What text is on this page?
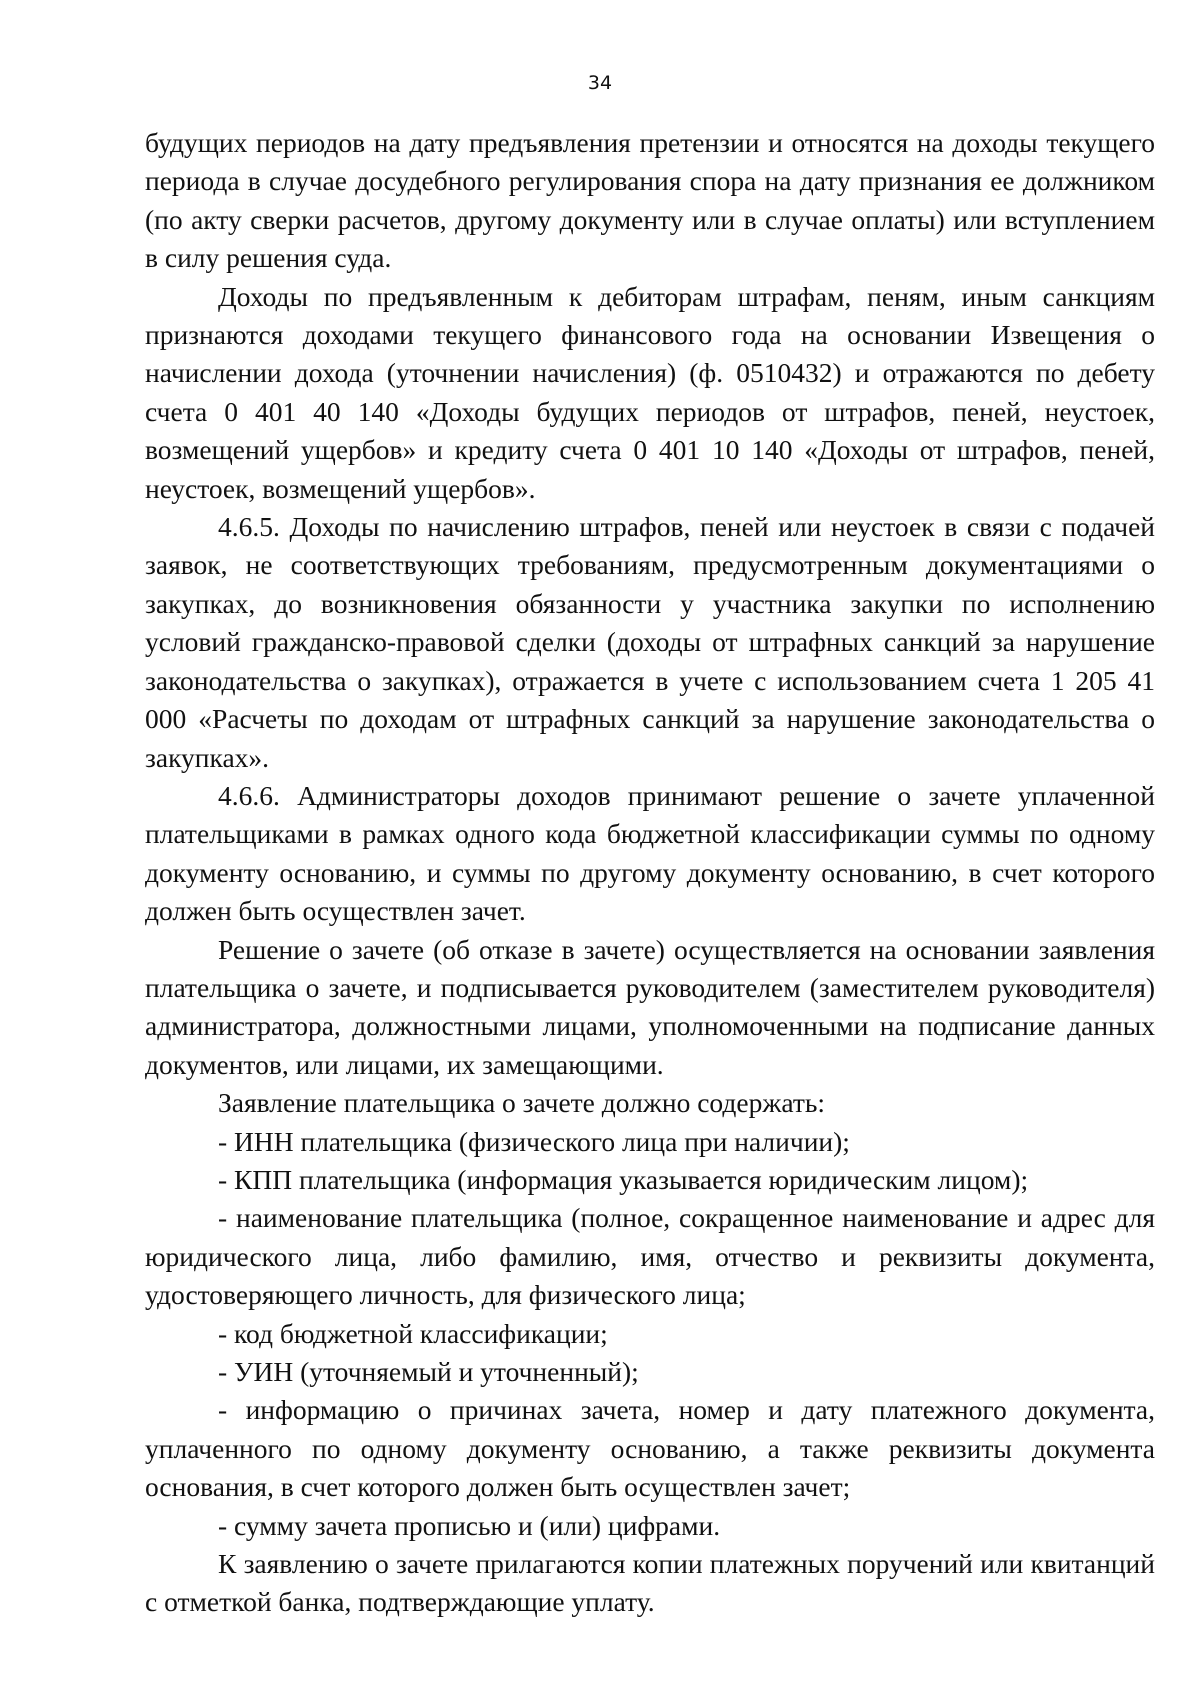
34

будущих периодов на дату предъявления претензии и относятся на доходы текущего периода в случае досудебного регулирования спора на дату признания ее должником (по акту сверки расчетов, другому документу или в случае оплаты) или вступлением в силу решения суда.

Доходы по предъявленным к дебиторам штрафам, пеням, иным санкциям признаются доходами текущего финансового года на основании Извещения о начислении дохода (уточнении начисления) (ф. 0510432) и отражаются по дебету счета 0 401 40 140 «Доходы будущих периодов от штрафов, пеней, неустоек, возмещений ущербов» и кредиту счета 0 401 10 140 «Доходы от штрафов, пеней, неустоек, возмещений ущербов».

4.6.5. Доходы по начислению штрафов, пеней или неустоек в связи с подачей заявок, не соответствующих требованиям, предусмотренным документациями о закупках, до возникновения обязанности у участника закупки по исполнению условий гражданско-правовой сделки (доходы от штрафных санкций за нарушение законодательства о закупках), отражается в учете с использованием счета 1 205 41 000 «Расчеты по доходам от штрафных санкций за нарушение законодательства о закупках».

4.6.6. Администраторы доходов принимают решение о зачете уплаченной плательщиками в рамках одного кода бюджетной классификации суммы по одному документу основанию, и суммы по другому документу основанию, в счет которого должен быть осуществлен зачет.

Решение о зачете (об отказе в зачете) осуществляется на основании заявления плательщика о зачете, и подписывается руководителем (заместителем руководителя) администратора, должностными лицами, уполномоченными на подписание данных документов, или лицами, их замещающими.

Заявление плательщика о зачете должно содержать:

- ИНН плательщика (физического лица при наличии);

- КПП плательщика (информация указывается юридическим лицом);

- наименование плательщика (полное, сокращенное наименование и адрес для юридического лица, либо фамилию, имя, отчество и реквизиты документа, удостоверяющего личность, для физического лица;

- код бюджетной классификации;

- УИН (уточняемый и уточненный);

- информацию о причинах зачета, номер и дату платежного документа, уплаченного по одному документу основанию, а также реквизиты документа основания, в счет которого должен быть осуществлен зачет;

- сумму зачета прописью и (или) цифрами.

К заявлению о зачете прилагаются копии платежных поручений или квитанций с отметкой банка, подтверждающие уплату.
